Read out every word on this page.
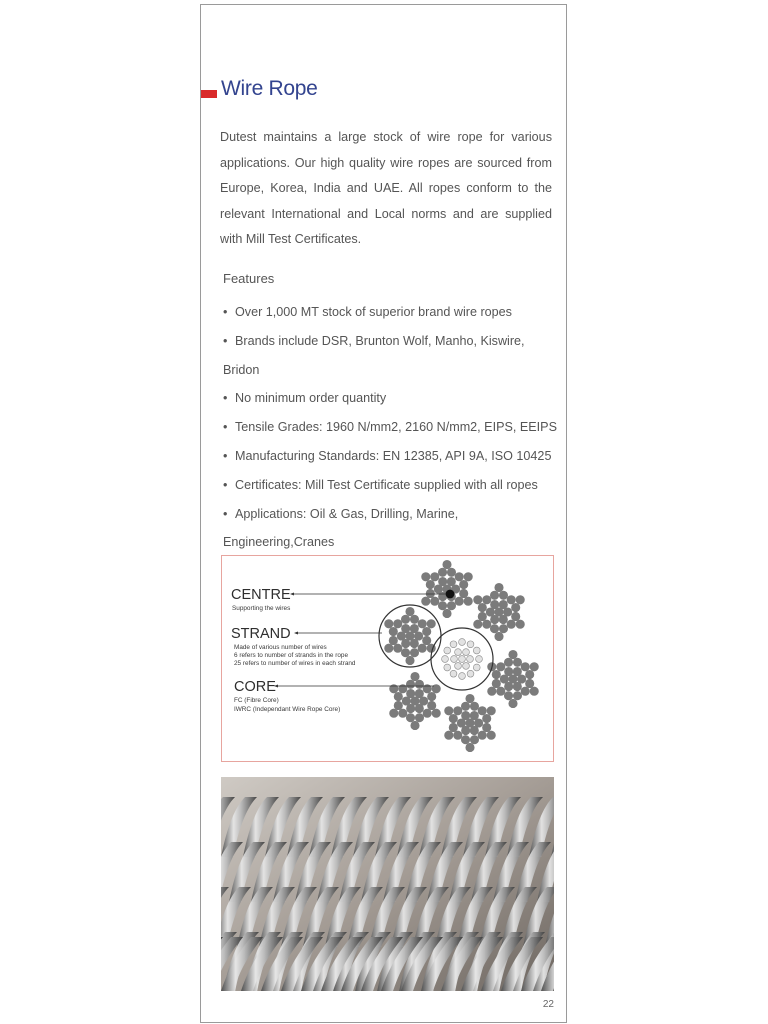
Wire Rope

Dutest maintains a large stock of wire rope for various applications. Our high quality wire ropes are sourced from Europe, Korea, India and UAE. All ropes conform to the relevant International and Local norms and are supplied with Mill Test Certificates.

Features
• Over 1,000 MT stock of superior brand wire ropes
• Brands include DSR, Brunton Wolf, Manho, Kiswire, Bridon
• No minimum order quantity
• Tensile Grades: 1960 N/mm2, 2160 N/mm2, EIPS, EEIPS
• Manufacturing Standards: EN 12385, API 9A, ISO 10425
• Certificates: Mill Test Certificate supplied with all ropes
• Applications: Oil & Gas, Drilling, Marine, Engineering,Cranes
CENTRE
Supporting the wires
STRAND
Made of various number of wires
6 refers to number of strands in the rope
25 refers to number of wires in each strand
CORE
FC (Fibre Core)
IWRC (Independant Wire Rope Core)
22
